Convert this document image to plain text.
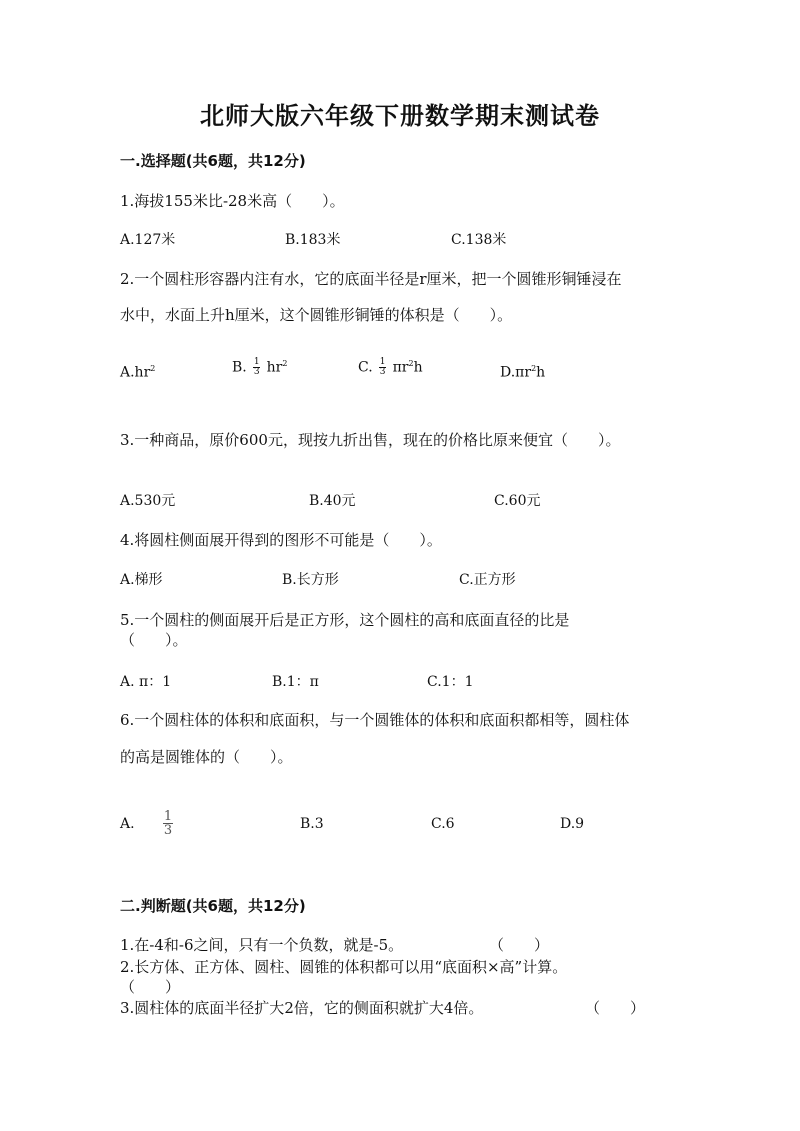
北师大版六年级下册数学期末测试卷
一.选择题(共6题，共12分)
1.海拔155米比-28米高（　　）。
A.127米	B.183米	C.138米
2.一个圆柱形容器内注有水，它的底面半径是r厘米，把一个圆锥形铜锤浸在
水中，水面上升h厘米，这个圆锥形铜锤的体积是（　　）。
$A.hr^2$	B. $\frac{1}{3} hr^2$	C. $\frac{1}{3} \pi r^2h$	$D.\pi r^2h$
3.一种商品，原价600元，现按九折出售，现在的价格比原来便宜（　　）。
A.530元	B.40元	C.60元
4.将圆柱侧面展开得到的图形不可能是（　　）。
A.梯形	B.长方形	C.正方形
5.一个圆柱的侧面展开后是正方形，这个圆柱的高和底面直径的比是
（　　）。
A. π：1	B.1：π	C.1：1
6.一个圆柱体的体积和底面积，与一个圆锥体的体积和底面积都相等，圆柱体
的高是圆锥体的（　　）。
A. $\frac{1}{3}$	B.3	C.6	D.9
二.判断题(共6题，共12分)
1.在-4和-6之间，只有一个负数，就是-5。	（　　）
2.长方体、正方体、圆柱、圆锥的体积都可以用“底面积×高”计算。
（　　）
3.圆柱体的底面半径扩大2倍，它的侧面积就扩大4倍。	（　　）
